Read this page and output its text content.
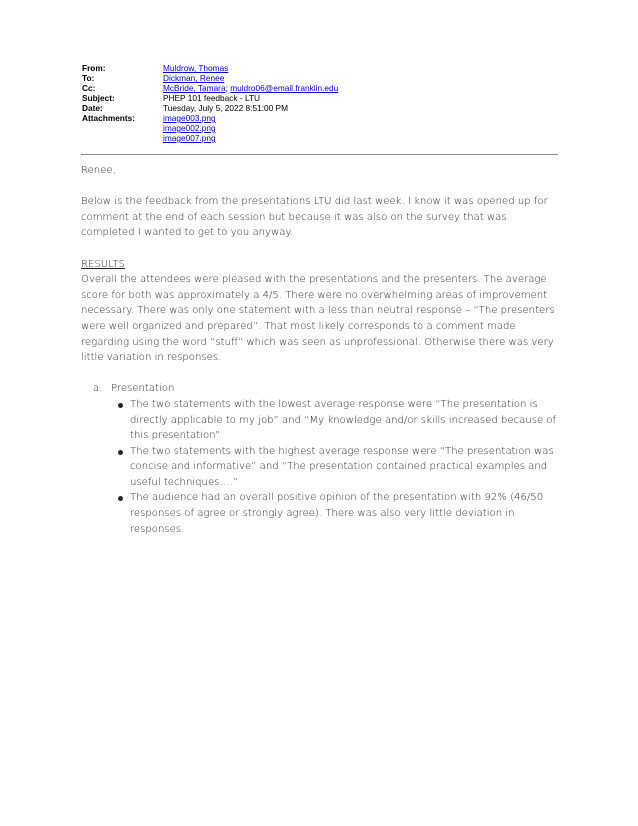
From:	Muldrow, Thomas
To:	Dickman, Renee
Cc:	McBride, Tamara; muldro06@email.franklin.edu
Subject:	PHEP 101 feedback - LTU
Date:	Tuesday, July 5, 2022 8:51:00 PM
Attachments:	image003.png
image002.png
image007.png

Renee,

Below is the feedback from the presentations LTU did last week. I know it was opened up for comment at the end of each session but because it was also on the survey that was completed I wanted to get to you anyway.

RESULTS

Overall the attendees were pleased with the presentations and the presenters. The average score for both was approximately a 4/5. There were no overwhelming areas of improvement necessary. There was only one statement with a less than neutral response – “The presenters were well organized and prepared”. That most likely corresponds to a comment made regarding using the word “stuff” which was seen as unprofessional. Otherwise there was very little variation in responses.

a. Presentation
The two statements with the lowest average response were “The presentation is directly applicable to my job” and “My knowledge and/or skills increased because of this presentation”
The two statements with the highest average response were “The presentation was concise and informative” and “The presentation contained practical examples and useful techniques….”
The audience had an overall positive opinion of the presentation with 92% (46/50 responses of agree or strongly agree). There was also very little deviation in responses.
